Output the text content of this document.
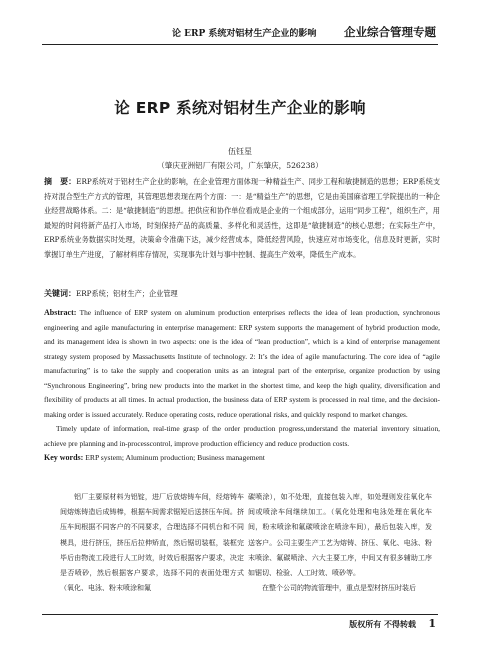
论 ERP 系统对铝材生产企业的影响 企业综合管理专题
论 ERP 系统对铝材生产企业的影响
伍钰星
（肇庆亚洲铝厂有限公司，广东肇庆，526238）
摘　要：ERP系统对于铝材生产企业的影响，在企业管理方面体现一种精益生产、同步工程和敏捷制造的思想；ERP系统支持对混合型生产方式的管理，其管理思想表现在两个方面：一：是“精益生产”的思想，它是由美国麻省理工学院提出的一种企业经营战略体系。二：是“敏捷制造”的思想。把供应和协作单位看成是企业的一个组成部分，运用“同步工程”，组织生产，用最短的时间将新产品打入市场，时刻保持产品的高质量、多样化和灵活性，这即是“敏捷制造”的核心思想；在实际生产中，ERP系统业务数据实时处理，决策命令准确下达，减少经营成本，降低经营风险，快速应对市场变化，信息及时更新，实时掌握订单生产进度，了解材料库存情况，实现事先计划与事中控制、提高生产效率，降低生产成本。
关键词：ERP系统；铝材生产；企业管理

Abstract: The influence of ERP system on aluminum production enterprises reflects the idea of lean production, synchronous engineering and agile manufacturing in enterprise management: ERP system supports the management of hybrid production mode, and its management idea is shown in two aspects: one is the idea of “lean production”, which is a kind of enterprise management strategy system proposed by Massachusetts Institute of technology. 2: It’s the idea of agile manufacturing. The core idea of “agile manufacturing” is to take the supply and cooperation units as an integral part of the enterprise, organize production by using “Synchronous Engineering”, bring new products into the market in the shortest time, and keep the high quality, diversification and flexibility of products at all times. In actual production, the business data of ERP system is processed in real time, and the decision-making order is issued accurately. Reduce operating costs, reduce operational risks, and quickly respond to market changes.

Timely update of information, real-time grasp of the order production progress,understand the material inventory situation, achieve pre planning and in-processcontrol, improve production efficiency and reduce production costs.

Key words: ERP system; Aluminum production; Business management

铝厂主要原材料为铝锭，进厂后放熔铸车间，经熔铸车间熔炼铸造后成铸棒，根据车间需求锯短后送挤压车间。挤压车间根据不同客户的不同要求，合理选择不同机台和不同模具，进行挤压，挤压后拉伸矫直，然后锯切装框，装框完毕后由物流工段进行人工时效，时效后根据客户要求，决定是否喷砂，然后根据客户要求，选择不同的表面处理方式（氧化、电泳、粉末喷涂和氟

碳喷涂），如不处理，直接包装入库，如处理则发往氧化车间或喷涂车间继续加工。（氧化处理和电泳处理在氧化车间，粉末喷涂和氟碳喷涂在喷涂车间），最后包装入库，发送客户。公司主要生产工艺为熔铸、挤压、氧化、电泳、粉末喷涂、氟碳喷涂、六大主要工序，中间又有很多辅助工序如锯切、检验、人工时效、喷砂等。

在整个公司的物流管理中，重点是型材挤压时装后

版权所有 不得转载 1
